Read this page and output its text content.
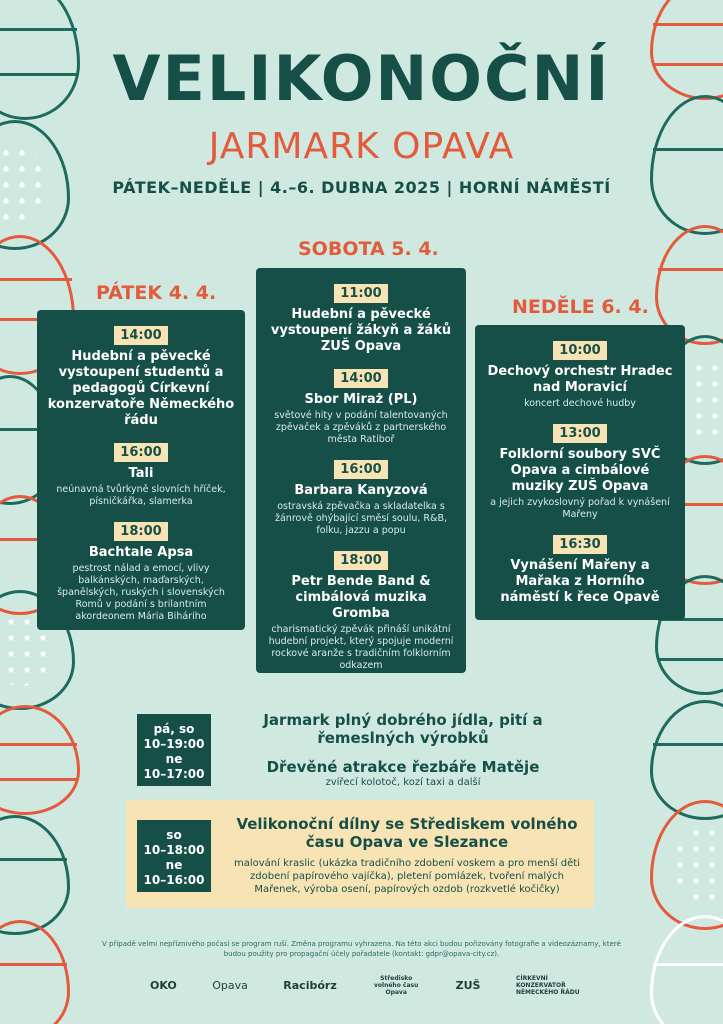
VELIKONOČNÍ
JARMARK OPAVA
PÁTEK–NEDĚLE | 4.–6. DUBNA 2025 | HORNÍ NÁMĚSTÍ
PÁTEK 4. 4.
SOBOTA 5. 4.
NEDĚLE 6. 4.
14:00
Hudební a pěvecké vystoupení studentů a pedagogů Církevní konzervatoře Německého řádu
16:00
Tali
neúnavná tvůrkyně slovních hříček, písničkářka, slamerka
18:00
Bachtale Apsa
pestrost nálad a emocí, vlivy balkánských, maďarských, španělských, ruských i slovenských Romů v podání s brilantním akordeonem Mária Biháriho
11:00
Hudební a pěvecké vystoupení žákyň a žáků ZUŠ Opava
14:00
Sbor Miraż (PL)
světové hity v podání talentovaných zpěvaček a zpěváků z partnerského města Ratiboř
16:00
Barbara Kanyzová
ostravská zpěvačka a skladatelka s žánrově ohýbající směsí soulu, R&B, folku, jazzu a popu
18:00
Petr Bende Band & cimbálová muzika Gromba
charismatický zpěvák přináší unikátní hudební projekt, který spojuje moderní rockové aranže s tradičním folklorním odkazem
10:00
Dechový orchestr Hradec nad Moravicí
koncert dechové hudby
13:00
Folklorní soubory SVČ Opava a cimbálové muziky ZUŠ Opava
a jejich zvykoslovný pořad k vynášení Mařeny
16:30
Vynášení Mařeny a Mařaka z Horního náměstí k řece Opavě
pá, so
10–19:00
ne
10–17:00
Jarmark plný dobrého jídla, pití a řemeslných výrobků
Dřevěné atrakce řezbáře Matěje
zvířecí kolotoč, kozí taxi a další
so
10–18:00
ne
10–16:00
Velikonoční dílny se Střediskem volného času Opava ve Slezance
malování kraslic (ukázka tradičního zdobení voskem a pro menší děti zdobení papírového vajíčka), pletení pomlázek, tvoření malých Mařenek, výroba osení, papírových ozdob (rozkvetlé kočičky)
V případě velmi nepříznivého počasí se program ruší. Změna programu vyhrazena. Na této akci budou pořizovány fotografie a videozáznamy, které budou použity pro propagační účely pořadatele (kontakt: gdpr@opava-city.cz).
OKO	Opava	Racibórz
Středisko volného času Opava
ZUŠ
CÍRKEVNÍ KONZERVATOŘ NĚMECKÉHO ŘÁDU
